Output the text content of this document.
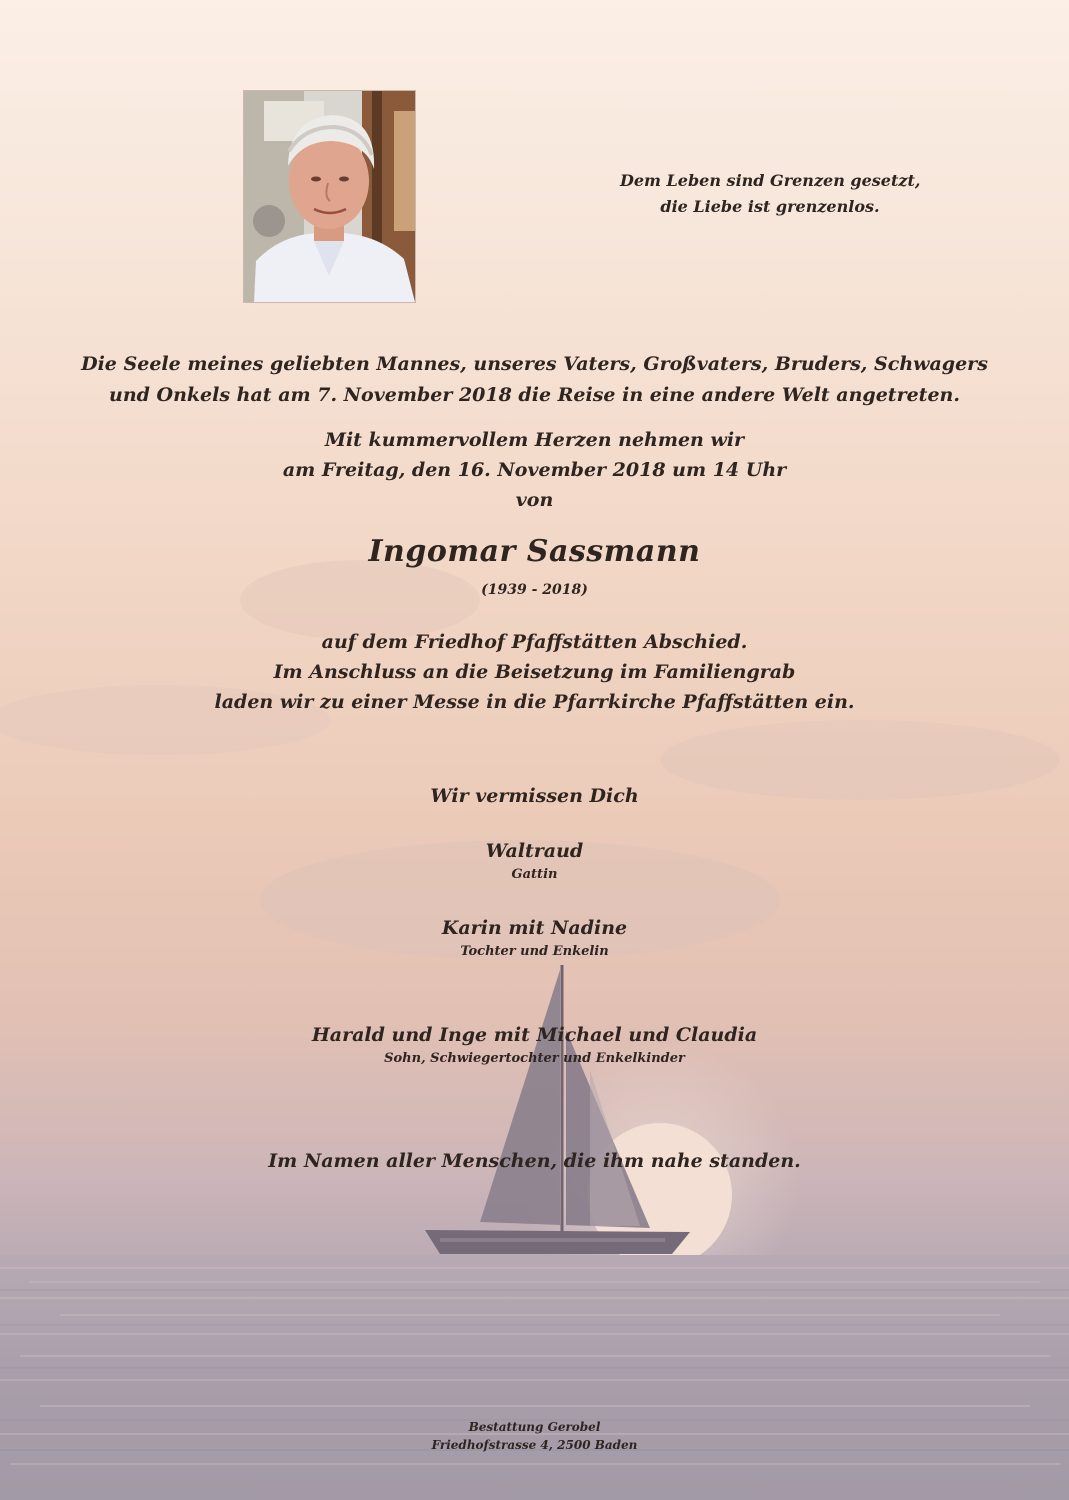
Dem Leben sind Grenzen gesetzt,
die Liebe ist grenzenlos.
Die Seele meines geliebten Mannes, unseres Vaters, Großvaters, Bruders, Schwagers
und Onkels hat am 7. November 2018 die Reise in eine andere Welt angetreten.
Mit kummervollem Herzen nehmen wir
am Freitag, den 16. November 2018 um 14 Uhr
von
Ingomar Sassmann
(1939 - 2018)
auf dem Friedhof Pfaffstätten Abschied.
Im Anschluss an die Beisetzung im Familiengrab
laden wir zu einer Messe in die Pfarrkirche Pfaffstätten ein.
Wir vermissen Dich
Waltraud
Gattin
Karin mit Nadine
Tochter und Enkelin
Harald und Inge mit Michael und Claudia
Sohn, Schwiegertochter und Enkelkinder
Im Namen aller Menschen, die ihm nahe standen.
Bestattung Gerobel
Friedhofstrasse 4, 2500 Baden
